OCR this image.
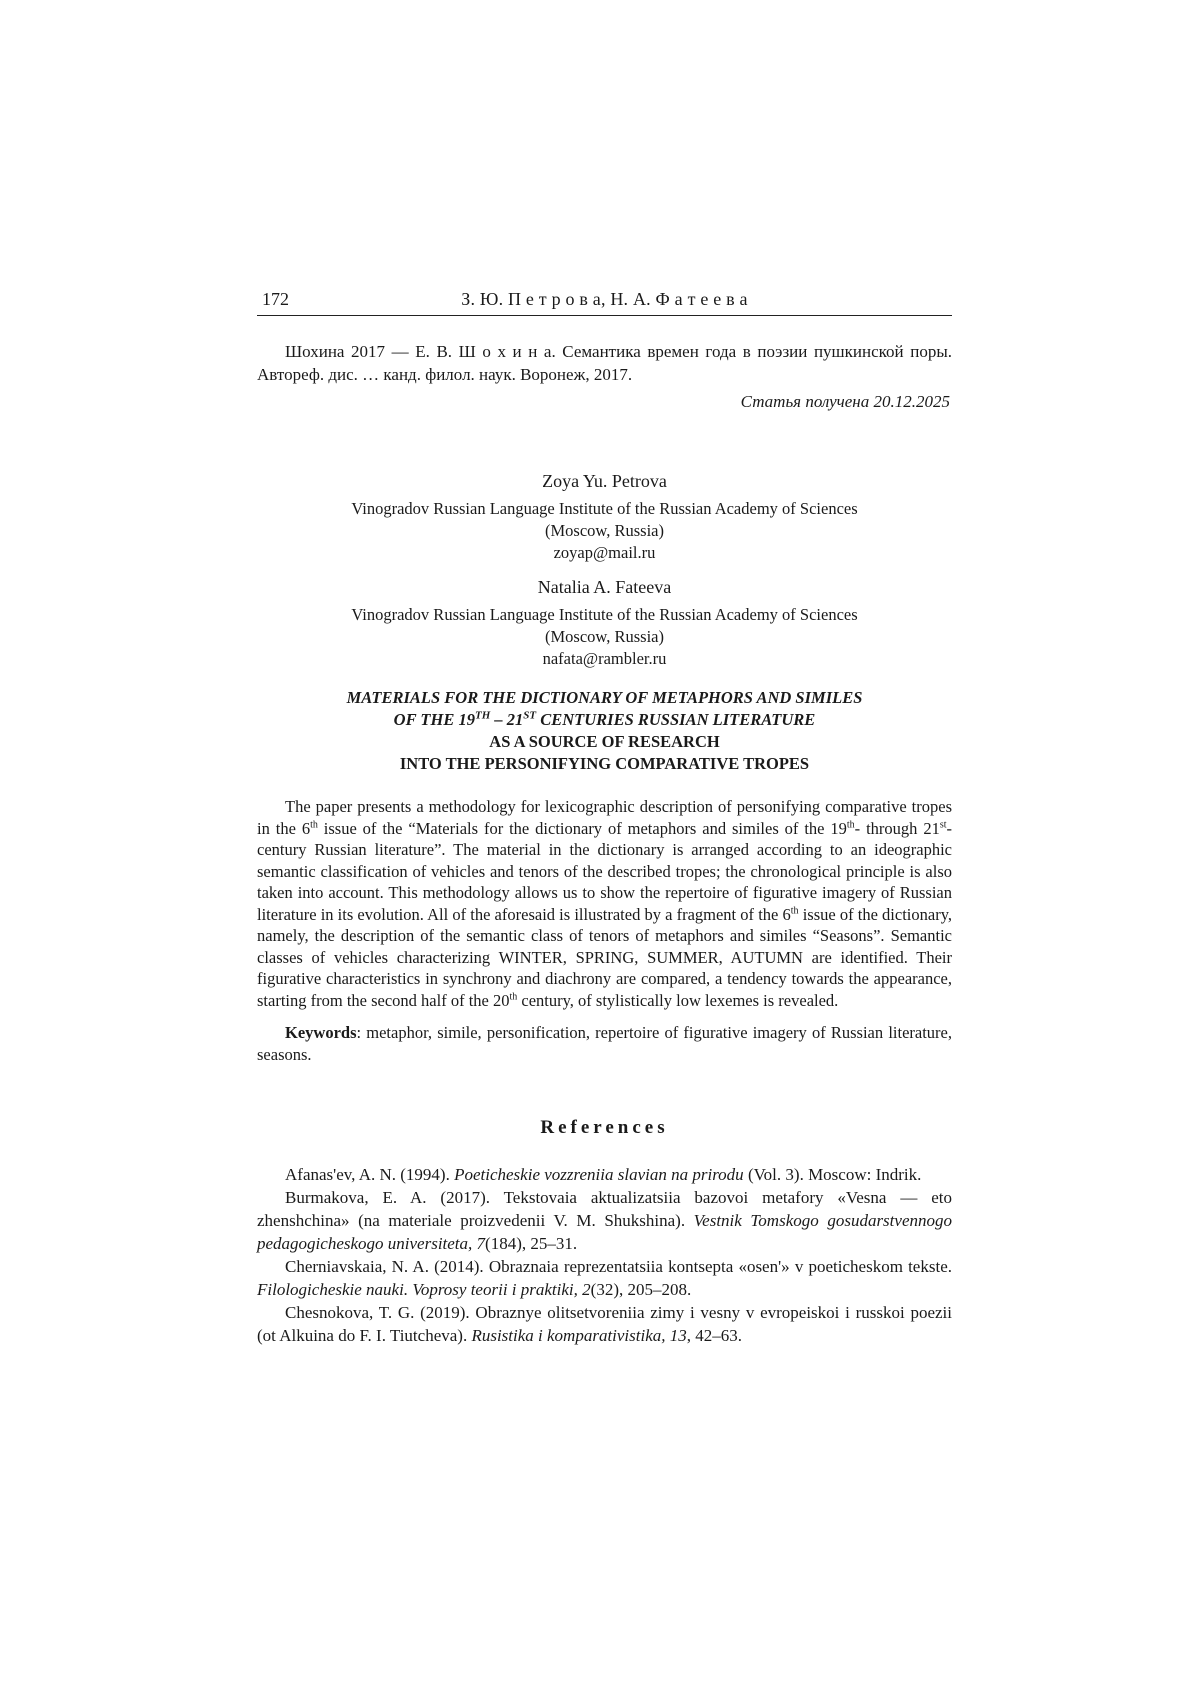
172	З. Ю. П е т р о в а, Н. А. Ф а т е е в а

Шохина 2017 — Е. В. Ш о х и н а. Семантика времен года в поэзии пушкинской поры. Автореф. дис. … канд. филол. наук. Воронеж, 2017.

Статья получена 20.12.2025

Zoya Yu. Petrova

Vinogradov Russian Language Institute of the Russian Academy of Sciences
(Moscow, Russia)
zoyap@mail.ru

Natalia A. Fateeva

Vinogradov Russian Language Institute of the Russian Academy of Sciences
(Moscow, Russia)
nafata@rambler.ru
MATERIALS FOR THE DICTIONARY OF METAPHORS AND SIMILES
OF THE 19TH – 21ST CENTURIES RUSSIAN LITERATURE
AS A SOURCE OF RESEARCH
INTO THE PERSONIFYING COMPARATIVE TROPES

The paper presents a methodology for lexicographic description of personifying comparative tropes in the 6th issue of the “Materials for the dictionary of metaphors and similes of the 19th- through 21st-century Russian literature”. The material in the dictionary is arranged according to an ideographic semantic classification of vehicles and tenors of the described tropes; the chronological principle is also taken into account. This methodology allows us to show the repertoire of figurative imagery of Russian literature in its evolution. All of the aforesaid is illustrated by a fragment of the 6th issue of the dictionary, namely, the description of the semantic class of tenors of metaphors and similes “Seasons”. Semantic classes of vehicles characterizing WINTER, SPRING, SUMMER, AUTUMN are identified. Their figurative characteristics in synchrony and diachrony are compared, a tendency towards the appearance, starting from the second half of the 20th century, of stylistically low lexemes is revealed.

Keywords: metaphor, simile, personification, repertoire of figurative imagery of Russian literature, seasons.

References

Afanas'ev, A. N. (1994). Poeticheskie vozzreniia slavian na prirodu (Vol. 3). Moscow: Indrik.

Burmakova, E. A. (2017). Tekstovaia aktualizatsiia bazovoi metafory «Vesna — eto zhenshchina» (na materiale proizvedenii V. M. Shukshina). Vestnik Tomskogo gosudarstvennogo pedagogicheskogo universiteta, 7(184), 25–31.

Cherniavskaia, N. A. (2014). Obraznaia reprezentatsiia kontsepta «osen'» v poeticheskom tekste. Filologicheskie nauki. Voprosy teorii i praktiki, 2(32), 205–208.

Chesnokova, T. G. (2019). Obraznye olitsetvoreniia zimy i vesny v evropeiskoi i russkoi poezii (ot Alkuina do F. I. Tiutcheva). Rusistika i komparativistika, 13, 42–63.
